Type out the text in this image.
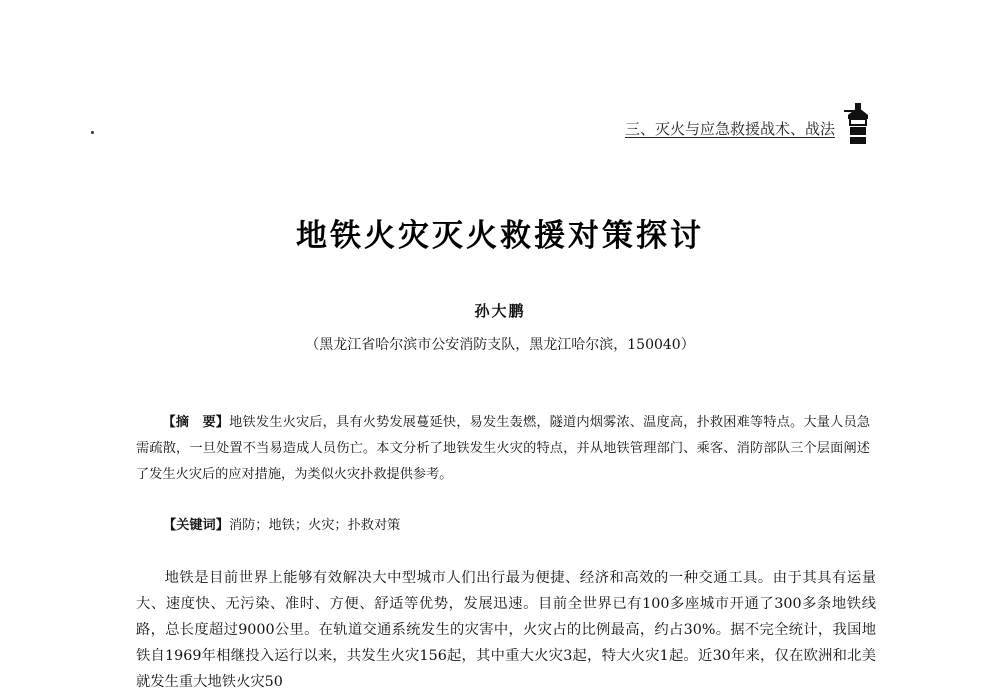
三、灭火与应急救援战术、战法
地铁火灾灭火救援对策探讨
孙大鹏
（黑龙江省哈尔滨市公安消防支队，黑龙江哈尔滨，150040）
【摘　要】地铁发生火灾后，具有火势发展蔓延快，易发生轰燃，隧道内烟雾浓、温度高，扑救困难等特点。大量人员急需疏散，一旦处置不当易造成人员伤亡。本文分析了地铁发生火灾的特点，并从地铁管理部门、乘客、消防部队三个层面阐述了发生火灾后的应对措施，为类似火灾扑救提供参考。
【关键词】消防；地铁；火灾；扑救对策
地铁是目前世界上能够有效解决大中型城市人们出行最为便捷、经济和高效的一种交通工具。由于其具有运量大、速度快、无污染、准时、方便、舒适等优势，发展迅速。目前全世界已有100多座城市开通了300多条地铁线路，总长度超过9000公里。在轨道交通系统发生的灾害中，火灾占的比例最高，约占30%。据不完全统计，我国地铁自1969年相继投入运行以来，共发生火灾156起，其中重大火灾3起，特大火灾1起。近30年来，仅在欧洲和北美就发生重大地铁火灾50
